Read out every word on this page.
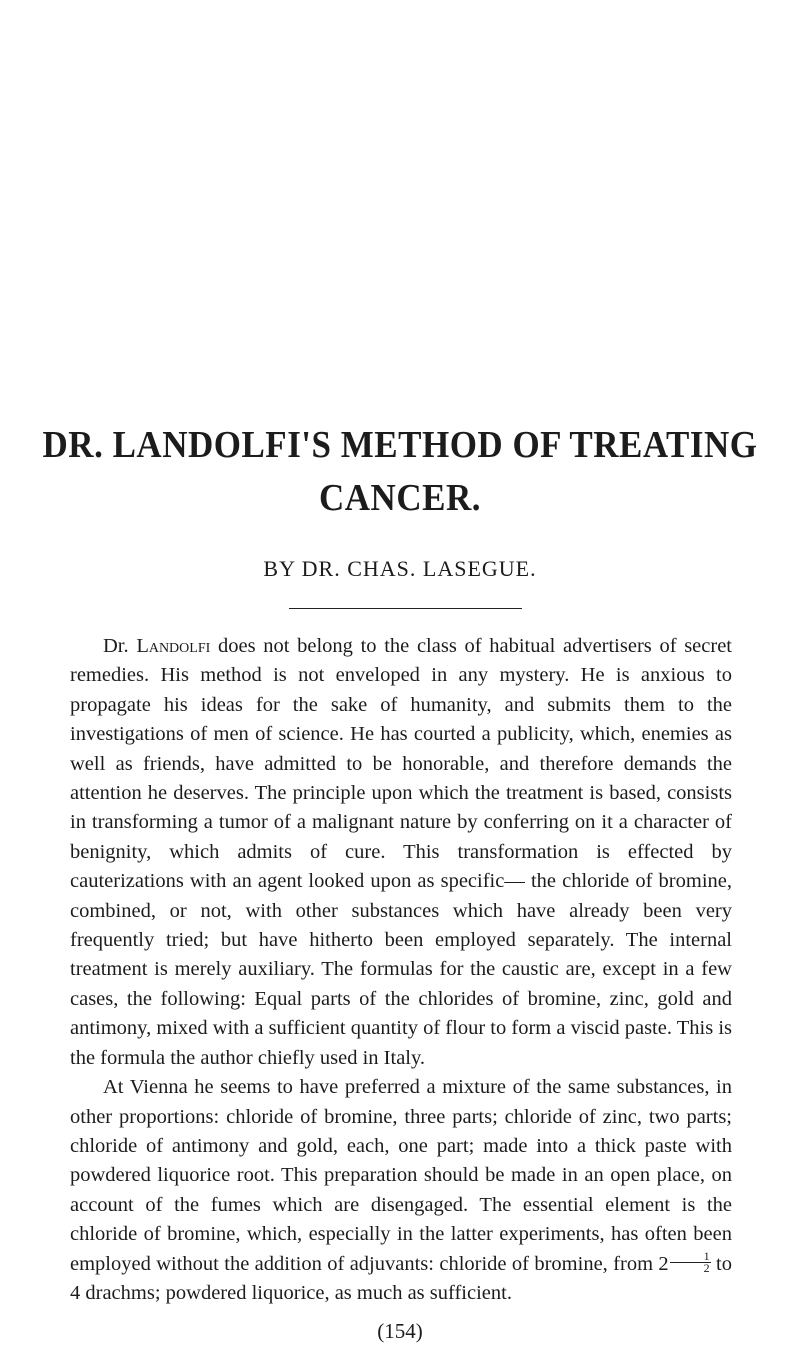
DR. LANDOLFI'S METHOD OF TREATING
CANCER.
BY DR. CHAS. LASEGUE.

Dr. Landolfi does not belong to the class of habitual advertisers of secret remedies. His method is not enveloped in any mystery. He is anxious to propagate his ideas for the sake of humanity, and submits them to the investigations of men of science. He has courted a publicity, which, enemies as well as friends, have admitted to be honorable, and therefore demands the attention he deserves. The principle upon which the treatment is based, consists in transforming a tumor of a malignant nature by conferring on it a character of benignity, which admits of cure. This transformation is effected by cauterizations with an agent looked upon as specific— the chloride of bromine, combined, or not, with other substances which have already been very frequently tried; but have hitherto been employed separately. The internal treatment is merely auxiliary. The formulas for the caustic are, except in a few cases, the following: Equal parts of the chlorides of bromine, zinc, gold and antimony, mixed with a sufficient quantity of flour to form a viscid paste. This is the formula the author chiefly used in Italy.

At Vienna he seems to have preferred a mixture of the same substances, in other proportions: chloride of bromine, three parts; chloride of zinc, two parts; chloride of antimony and gold, each, one part; made into a thick paste with powdered liquorice root. This preparation should be made in an open place, on account of the fumes which are disengaged. The essential element is the chloride of bromine, which, especially in the latter experiments, has often been employed without the addition of adjuvants: chloride of bromine, from $2 \frac{1}{2}$ to 4 drachms; powdered liquorice, as much as sufficient.

(154)
